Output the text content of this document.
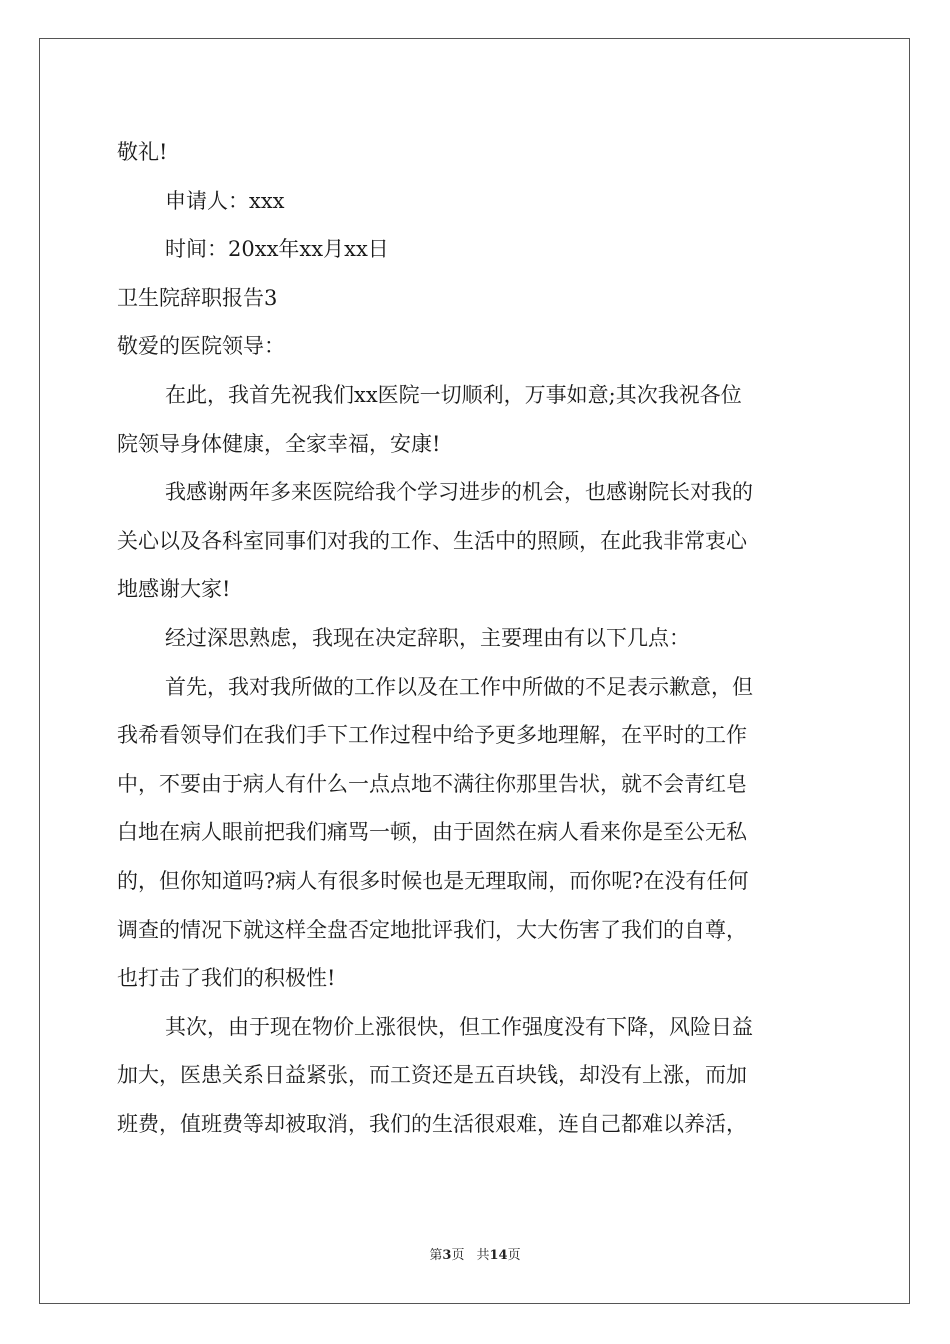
敬礼!
申请人：xxx
时间：20xx年xx月xx日
卫生院辞职报告3
敬爱的医院领导：
在此，我首先祝我们xx医院一切顺利，万事如意;其次我祝各位
院领导身体健康，全家幸福，安康!
我感谢两年多来医院给我个学习进步的机会，也感谢院长对我的
关心以及各科室同事们对我的工作、生活中的照顾，在此我非常衷心
地感谢大家!
经过深思熟虑，我现在决定辞职，主要理由有以下几点：
首先，我对我所做的工作以及在工作中所做的不足表示歉意，但
我希看领导们在我们手下工作过程中给予更多地理解，在平时的工作
中，不要由于病人有什么一点点地不满往你那里告状，就不会青红皂
白地在病人眼前把我们痛骂一顿，由于固然在病人看来你是至公无私
的，但你知道吗?病人有很多时候也是无理取闹，而你呢?在没有任何
调查的情况下就这样全盘否定地批评我们，大大伤害了我们的自尊，
也打击了我们的积极性!
其次，由于现在物价上涨很快，但工作强度没有下降，风险日益
加大，医患关系日益紧张，而工资还是五百块钱，却没有上涨，而加
班费，值班费等却被取消，我们的生活很艰难，连自己都难以养活，
第3页 共14页
